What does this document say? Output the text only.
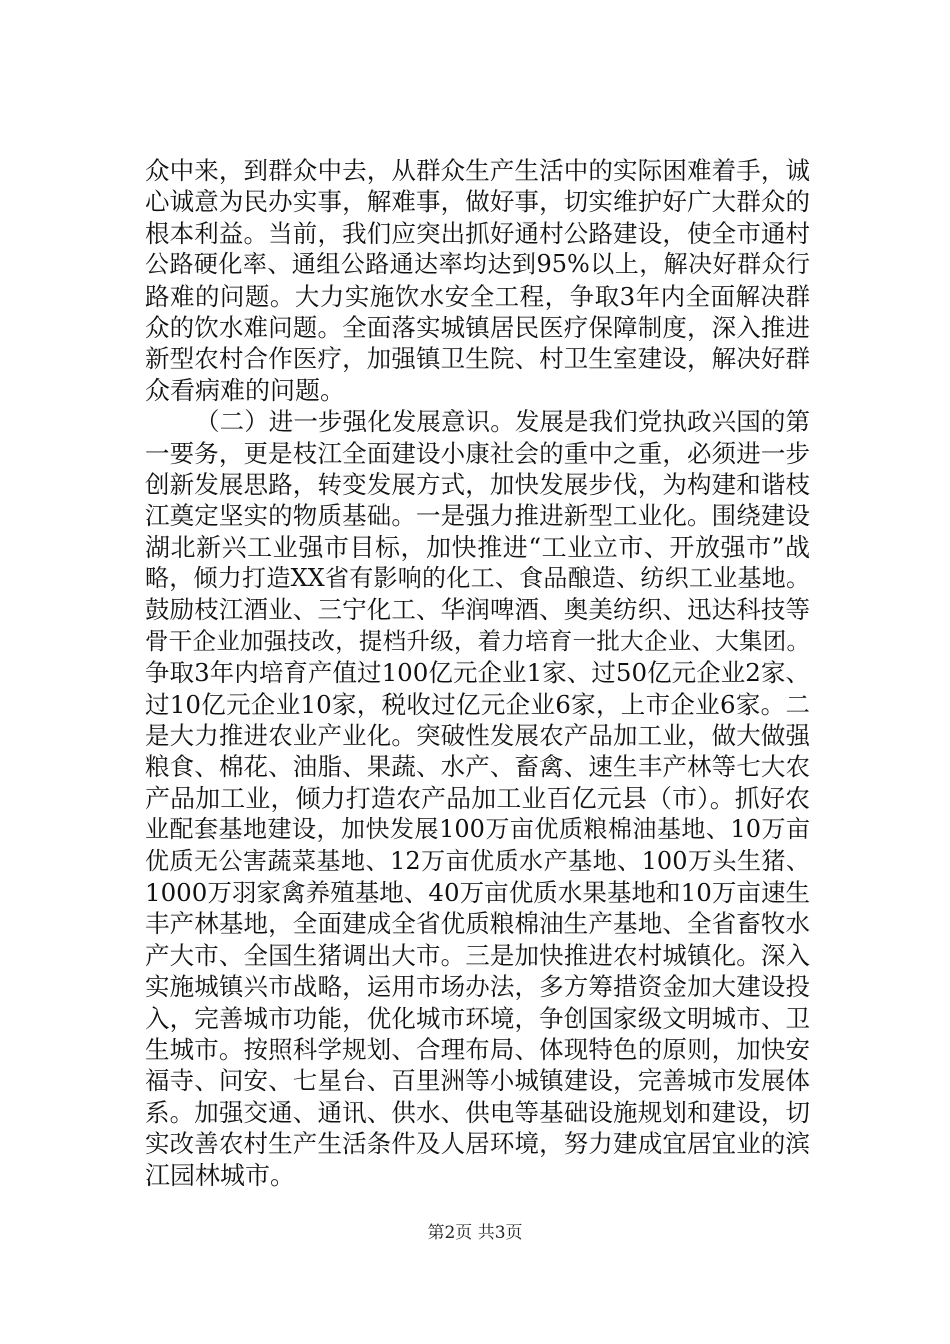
众中来，到群众中去，从群众生产生活中的实际困难着手，诚
心诚意为民办实事，解难事，做好事，切实维护好广大群众的
根本利益。当前，我们应突出抓好通村公路建设，使全市通村
公路硬化率、通组公路通达率均达到95%以上，解决好群众行
路难的问题。大力实施饮水安全工程，争取3年内全面解决群
众的饮水难问题。全面落实城镇居民医疗保障制度，深入推进
新型农村合作医疗，加强镇卫生院、村卫生室建设，解决好群
众看病难的问题。
（二）进一步强化发展意识。发展是我们党执政兴国的第
一要务，更是枝江全面建设小康社会的重中之重，必须进一步
创新发展思路，转变发展方式，加快发展步伐，为构建和谐枝
江奠定坚实的物质基础。一是强力推进新型工业化。围绕建设
湖北新兴工业强市目标，加快推进“工业立市、开放强市”战
略，倾力打造XX省有影响的化工、食品酿造、纺织工业基地。
鼓励枝江酒业、三宁化工、华润啤酒、奥美纺织、迅达科技等
骨干企业加强技改，提档升级，着力培育一批大企业、大集团。
争取3年内培育产值过100亿元企业1家、过50亿元企业2家、
过10亿元企业10家，税收过亿元企业6家，上市企业6家。二
是大力推进农业产业化。突破性发展农产品加工业，做大做强
粮食、棉花、油脂、果蔬、水产、畜禽、速生丰产林等七大农
产品加工业，倾力打造农产品加工业百亿元县（市）。抓好农
业配套基地建设，加快发展100万亩优质粮棉油基地、10万亩
优质无公害蔬菜基地、12万亩优质水产基地、100万头生猪、
1000万羽家禽养殖基地、40万亩优质水果基地和10万亩速生
丰产林基地，全面建成全省优质粮棉油生产基地、全省畜牧水
产大市、全国生猪调出大市。三是加快推进农村城镇化。深入
实施城镇兴市战略，运用市场办法，多方筹措资金加大建设投
入，完善城市功能，优化城市环境，争创国家级文明城市、卫
生城市。按照科学规划、合理布局、体现特色的原则，加快安
福寺、问安、七星台、百里洲等小城镇建设，完善城市发展体
系。加强交通、通讯、供水、供电等基础设施规划和建设，切
实改善农村生产生活条件及人居环境，努力建成宜居宜业的滨
江园林城市。
第2页 共3页
